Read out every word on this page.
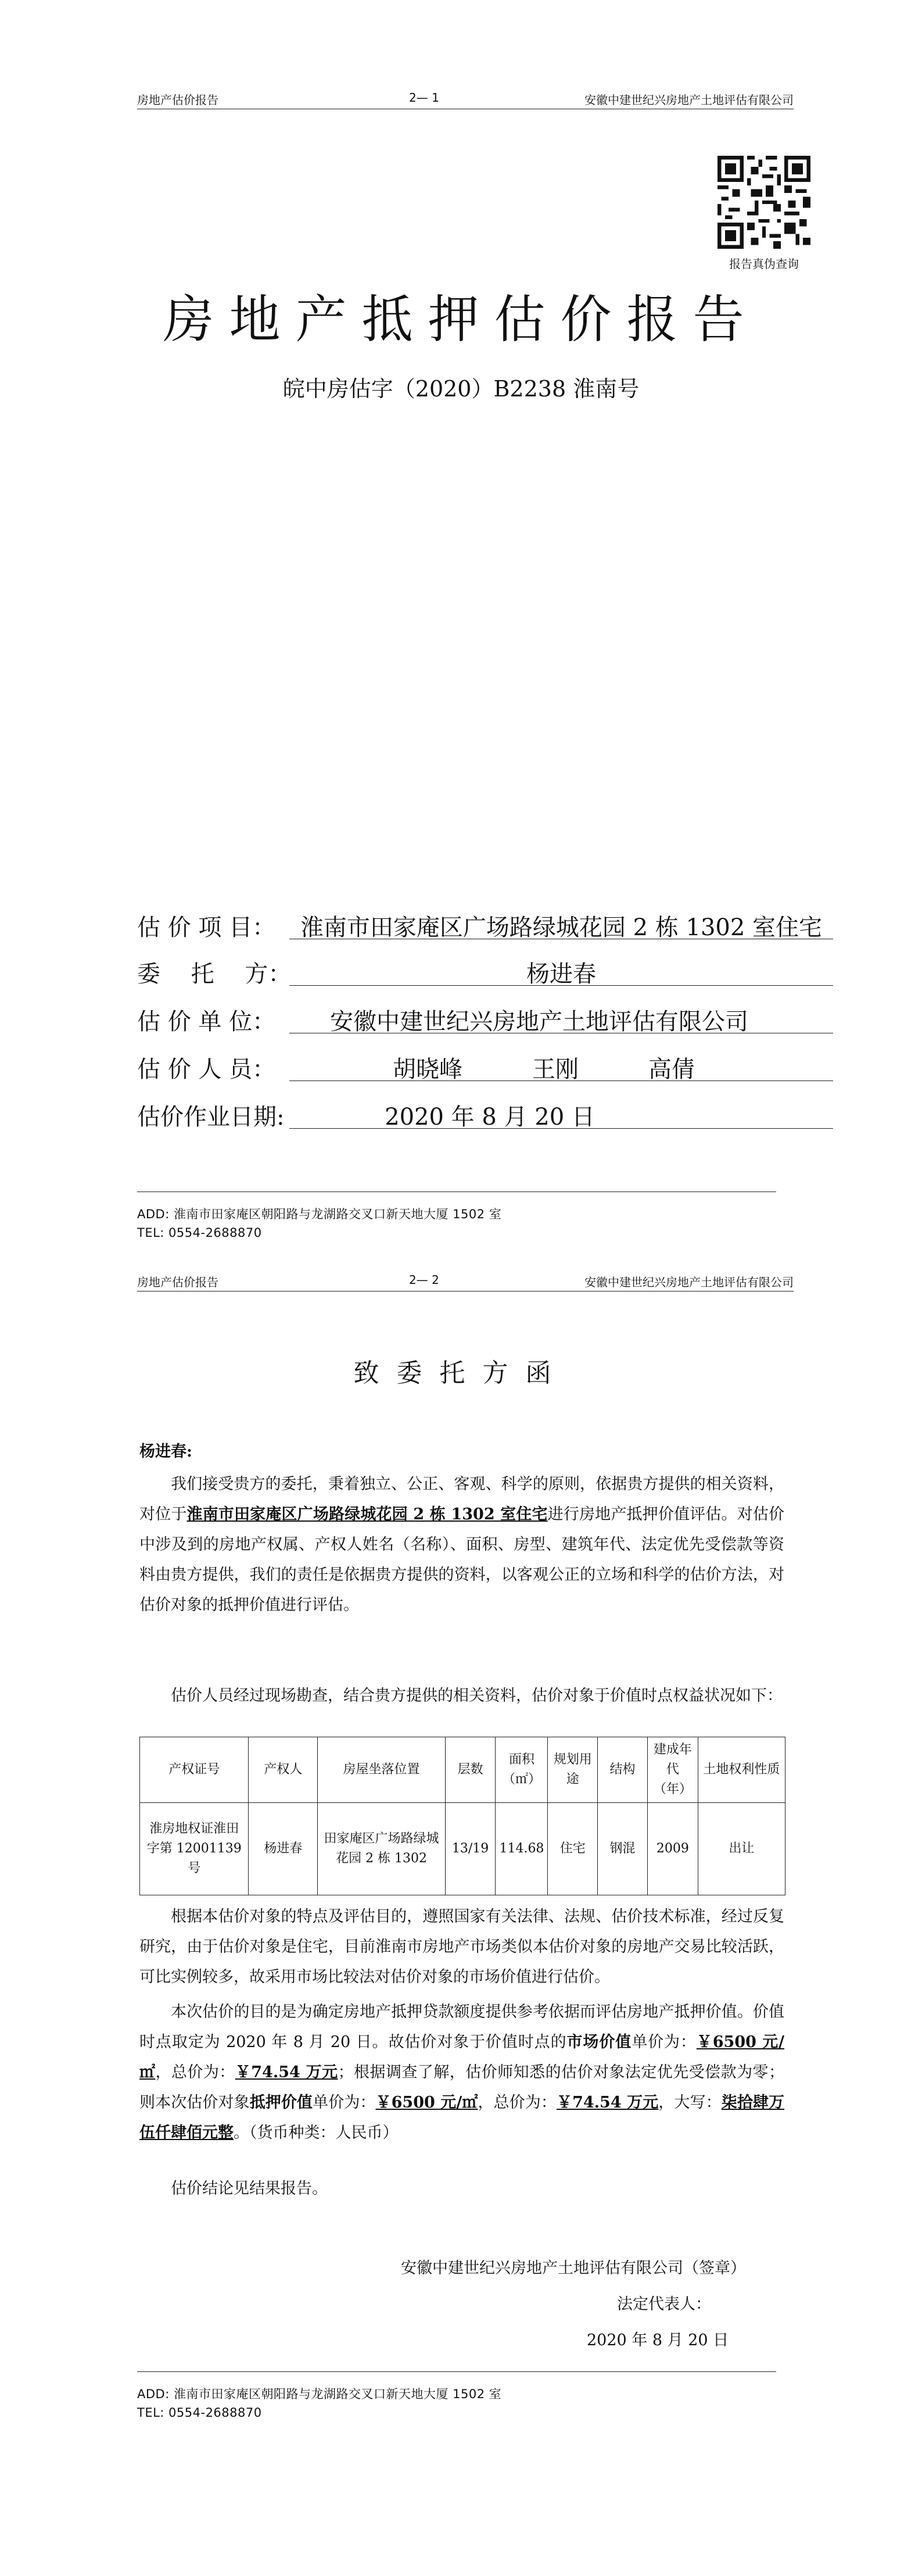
房地产估价报告	2— 1	安徽中建世纪兴房地产土地评估有限公司
报告真伪查询
房地产抵押估价报告
皖中房估字（2020）B2238 淮南号
估 价 项 目：	淮南市田家庵区广场路绿城花园 2 栋 1302 室住宅
委　 托　 方：	杨进春
估 价 单 位：	安徽中建世纪兴房地产土地评估有限公司
估 价 人 员：	胡晓峰	王刚	高倩
估价作业日期:	2020 年 8 月 20 日
ADD: 淮南市田家庵区朝阳路与龙湖路交叉口新天地大厦 1502 室
TEL: 0554-2688870
房地产估价报告	2— 2	安徽中建世纪兴房地产土地评估有限公司
致委托方函
杨进春:
我们接受贵方的委托，秉着独立、公正、客观、科学的原则，依据贵方提供的相关资料，对位于淮南市田家庵区广场路绿城花园 2 栋 1302 室住宅进行房地产抵押价值评估。对估价中涉及到的房地产权属、产权人姓名（名称）、面积、房型、建筑年代、法定优先受偿款等资料由贵方提供，我们的责任是依据贵方提供的资料，以客观公正的立场和科学的估价方法，对估价对象的抵押价值进行评估。
估价人员经过现场勘查，结合贵方提供的相关资料，估价对象于价值时点权益状况如下：
产权证号	产权人	房屋坐落位置	层数	面积（㎡）	规划用途	结构	建成年代（年）	土地权利性质
淮房地权证淮田字第 12001139 号	杨进春	田家庵区广场路绿城花园 2 栋 1302	13/19	114.68	住宅	钢混	2009	出让
根据本估价对象的特点及评估目的，遵照国家有关法律、法规、估价技术标准，经过反复研究，由于估价对象是住宅，目前淮南市房地产市场类似本估价对象的房地产交易比较活跃，可比实例较多，故采用市场比较法对估价对象的市场价值进行估价。
本次估价的目的是为确定房地产抵押贷款额度提供参考依据而评估房地产抵押价值。价值时点取定为 2020 年 8 月 20 日。故估价对象于价值时点的市场价值单价为：￥6500 元/㎡，总价为：￥74.54 万元；根据调查了解，估价师知悉的估价对象法定优先受偿款为零；则本次估价对象抵押价值单价为：￥6500 元/㎡，总价为：￥74.54 万元，大写：柒拾肆万伍仟肆佰元整。（货币种类：人民币）
估价结论见结果报告。
安徽中建世纪兴房地产土地评估有限公司（签章）
法定代表人：
2020 年 8 月 20 日
ADD: 淮南市田家庵区朝阳路与龙湖路交叉口新天地大厦 1502 室
TEL: 0554-2688870
